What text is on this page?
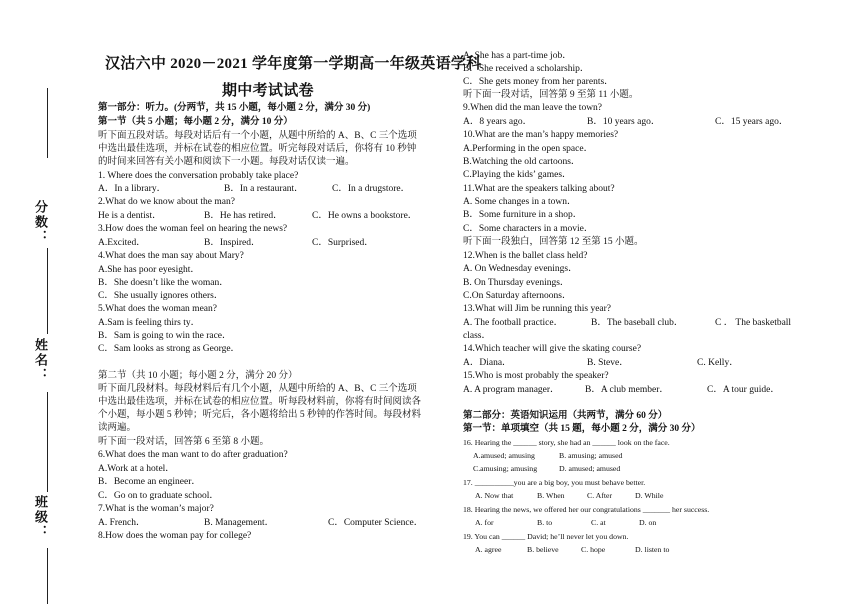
分数：
姓名：
班级：
汉沽六中 2020－2021 学年度第一学期高一年级英语学科
期中考试试卷
第一部分：听力。(分两节，共 15 小题，每小题 2 分，满分 30 分)
第一节（共 5 小题；每小题 2 分，满分 10 分）
听下面五段对话。每段对话后有一个小题，从题中所给的 A、B、C 三个选项
中选出最佳选项，并标在试卷的相应位置。听完每段对话后，你将有 10 秒钟
的时间来回答有关小题和阅读下一小题。每段对话仅读一遍。
1. Where does the conversation probably take place?
A．In a library．	B．In a restaurant．	C．In a drugstore．
2.What do we know about the man?
He is a dentist．	B．He has retired．	C．He owns a bookstore．
3.How does the woman feel on hearing the news?
A.Excited．	B．Inspired．	C．Surprised．
4.What does the man say about Mary?
A.She has poor eyesight．
B．She doesn’t like the woman．
C．She usually ignores others．
5.What does the woman mean?
A.Sam is feeling thirs ty．
B．Sam is going to win the race．
C．Sam looks as strong as George．
第二节（共 10 小题；每小题 2 分，满分 20 分）
听下面几段材料。每段材料后有几个小题，从题中所给的 A、B、C 三个选项
中选出最佳选项，并标在试卷的相应位置。听每段材料前，你将有时间阅读各
个小题，每小题 5 秒钟；听完后，各小题将给出 5 秒钟的作答时间。每段材料
读两遍。
听下面一段对话，回答第 6 至第 8 小题。
6.What does the man want to do after graduation?
A.Work at a hotel．
B．Become an engineer．
C．Go on to graduate school．
7.What is the woman’s major?
A. French．	B. Management．	C．Computer Science．
8.How does the woman pay for college?
A. She has a part-time job．
B．She received a scholarship．
C．She gets money from her parents．
听下面一段对话，回答第 9 至第 11 小题。
9.When did the man leave the town?
A．8 years ago．	B．10 years ago．	C．15 years ago．
10.What are the man’s happy memories?
A.Performing in the open space．
B.Watching the old cartoons．
C.Playing the kids’ games．
11.What are the speakers talking about?
A. Some changes in a town．
B．Some furniture in a shop．
C．Some characters in a movie．
听下面一段独白，回答第 12 至第 15 小题。
12.When is the ballet class held?
A. On Wednesday evenings．
B. On Thursday evenings．
C.On Saturday afternoons．
13.What will Jim be running this year?
A. The football practice．	B．The baseball club．	C ． The basketball
class．
14.Which teacher will give the skating course?
A．Diana．	B. Steve．	C. Kelly．
15.Who is most probably the speaker?
A. A program manager．	B．A club member．	C．A tour guide．
第二部分：英语知识运用（共两节，满分 60 分）
第一节：单项填空（共 15 题，每小题 2 分，满分 30 分）
16. Hearing the ______ story, she had an ______ look on the face.
A.amused; amusing	B. amusing; amused
C.amusing; amusing	D. amused; amused
17. __________you are a big boy, you must behave better.
A. Now that	B. When	C. After	D. While
18. Hearing the news, we offered her our congratulations _______ her success.
A. for	B. to	C. at	D. on
19. You can ______ David; he’ll never let you down.
A. agree	B. believe	C. hope	D. listen to
